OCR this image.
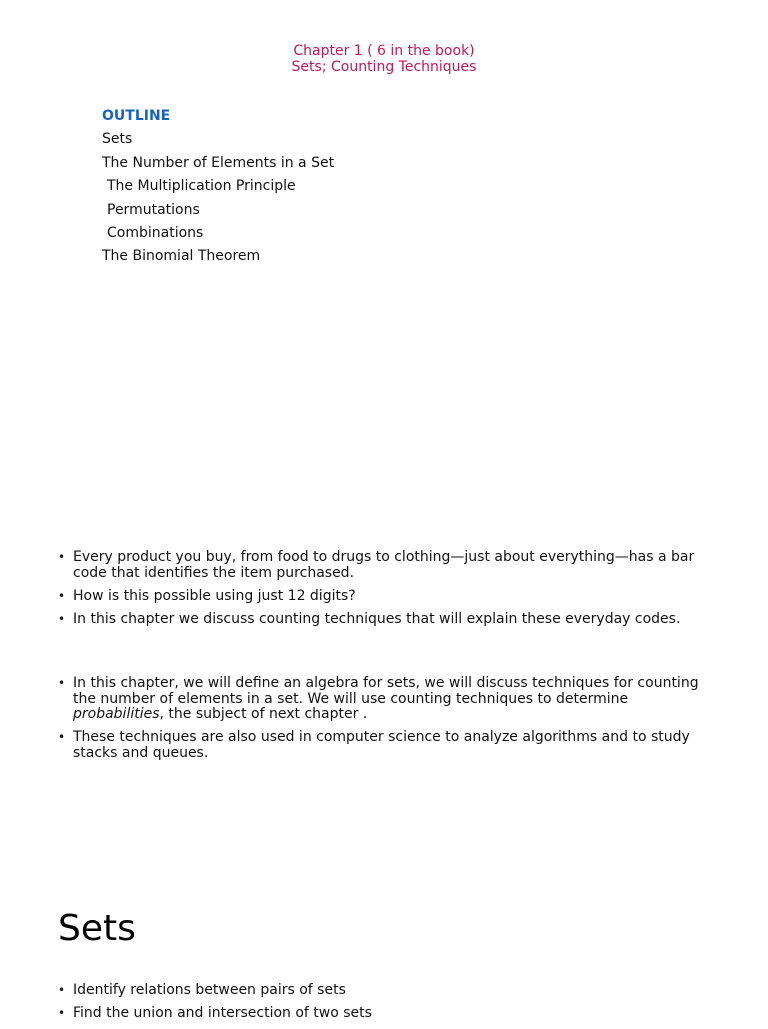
Chapter 1 ( 6 in the book)
Sets; Counting Techniques
OUTLINE
Sets
The Number of Elements in a Set
The Multiplication Principle
Permutations
Combinations
The Binomial Theorem
• Every product you buy, from food to drugs to clothing—just about everything—has a bar code that identifies the item purchased.
• How is this possible using just 12 digits?
• In this chapter we discuss counting techniques that will explain these everyday codes.
• In this chapter, we will define an algebra for sets, we will discuss techniques for counting the number of elements in a set. We will use counting techniques to determine probabilities, the subject of next chapter .
• These techniques are also used in computer science to analyze algorithms and to study stacks and queues.
Sets
• Identify relations between pairs of sets
• Find the union and intersection of two sets
